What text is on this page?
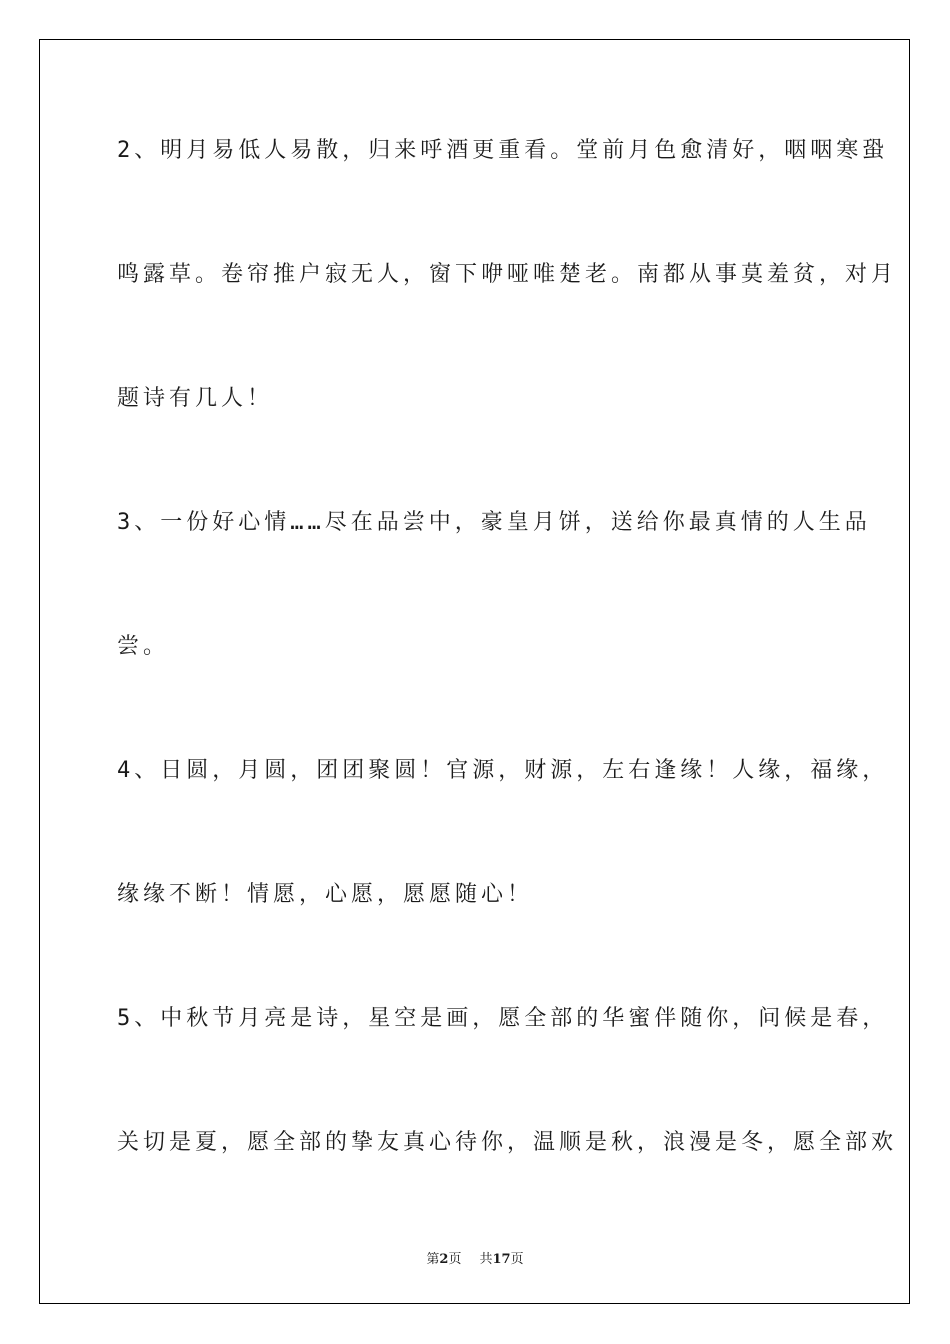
2、明月易低人易散，归来呼酒更重看。堂前月色愈清好，咽咽寒蛩
鸣露草。卷帘推户寂无人，窗下咿哑唯楚老。南都从事莫羞贫，对月
题诗有几人！
3、一份好心情……尽在品尝中，豪皇月饼，送给你最真情的人生品
尝。
4、日圆，月圆，团团聚圆！官源，财源，左右逢缘！人缘，福缘，
缘缘不断！情愿，心愿，愿愿随心！
5、中秋节月亮是诗，星空是画，愿全部的华蜜伴随你，问候是春，
关切是夏，愿全部的挚友真心待你，温顺是秋，浪漫是冬，愿全部欢
第2页 共17页
